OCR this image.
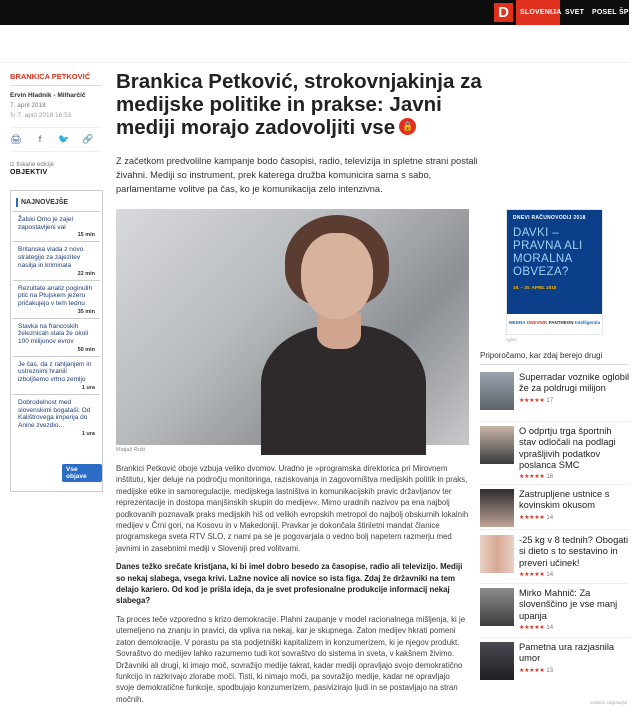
D	SLOVENIJA SVET POSEL ŠPO
BRANKICA PETKOVIĆ
Ervin Hladnik - Milharčič
7. april 2018
↻ 7. april 2018 16:53
🖨	f	🐦 🔗
Iz tiskane edicije
OBJEKTIV
NAJNOVEJŠE
Žalski Omo je zajel zapostavljeni val
15 min
Britanska vlada z novo strategijo za zajezitev nasilja in kriminala
22 min
Rezultate analiz poginulih ptic na Ptujskem jezeru pričakujejo v tem tednu
35 min
Stavka na francoskih železnicah stala že okoli 100 milijonov evrov
50 min
Je čas, da z rahljanjem in ustreznimi hranili izboljšemo vrtno zemljo
1 ura
Dobrodelnost med slovenskimi bogataši: Od Kalištrovega imperija do Anine zvezdio…
1 ura
Vse objave
Brankica Petković, strokovnjakinja za medijske politike in prakse: Javni mediji morajo zadovoljiti vse 🔒
Z začetkom predvolilne kampanje bodo časopisi, radio, televizija in spletne strani postali živahni. Mediji so instrument, prek katerega družba komunicira sama s sabo, parlamentarne volitve pa čas, ko je komunikacija zelo intenzivna.
Matjaž Rušt

Brankici Petković oboje vzbuja veliko dvomov. Uradno je »programska direktorica pri Mirovnem inštitutu, kjer deluje na področju monitoringa, raziskovanja in zagovorništva medijskih politik in praks, medijske etike in samoregulacije, medijskega lastništva in komunikacijskih pravic državljanov ter reprezentacije in dostopa manjšinskih skupin do medijev«. Mimo uradnih nazivov pa ena najbolj podkovanih poznavalk praks medijskih hiš od velikih evropskih metropol do najbolj obskurnih lokalnih medijev v Črni gori, na Kosovu in v Makedoniji. Pravkar je dokončala štiriletni mandat članice programskega sveta RTV SLO, z nami pa se je pogovarjala o vedno bolj napetem razmerju med javnimi in zasebnimi mediji v Sloveniji pred volitvami.

Danes težko srečate kristjana, ki bi imel dobro besedo za časopise, radio ali televizijo. Mediji so nekaj slabega, vsega krivi. Lažne novice ali novice so ista figa. Zdaj že državniki na tem delajo kariero. Od kod je prišla ideja, da je svet profesionalne produkcije informacij nekaj slabega?

Ta proces teče vzporedno s krizo demokracije. Plahni zaupanje v model racionalnega mišljenja, ki je utemeljeno na znanju in pravici, da vpliva na nekaj, kar je skupnega. Zaton medijev hkrati pomeni zaton demokracije. V porastu pa sta podjetniški kapitalizem in konzumerizem, ki je njegov produkt. Sovraštvo do medijev lahko razumemo tudi kot sovraštvo do sistema in sveta, v kakšnem živimo. Državniki ali drugi, ki imajo moč, sovražijo medije takrat, kadar mediji opravljajo svojo demokratično funkcijo in razkrivajo zlorabe moči. Tisti, ki nimajo moči, pa sovražijo medije, kadar ne opravljajo svoje demokratične funkcije, spodbujajo konzumerizem, pasivizirajo ljudi in se postavljajo na stran močnih.

DNEVI RAČUNOVODIJ 2018
DAVKI – PRAVNA ALI MORALNA OBVEZA?
19. – 20. APRIL 2018
MEDRA DNEVNIK PANTHEON Intelligentia
oglas
Priporočamo, kar zdaj berejo drugi
Superradar voznike oglobil že za poldrugi milijon
★★★★★ 17
O odprtju trga športnih stav odločali na podlagi vprašljivih podatkov poslanca SMC
★★★★★ 16
Zastrupljene ustnice s kovinskim okusom
★★★★★ 14
-25 kg v 8 tednih? Obogati si dieto s to sestavino in preveri učinek!
★★★★★ 14
Mirko Mahnič: Za slovenščino je vse manj upanja
★★★★★ 14
Pametna ura razjasnila umor
★★★★★ 13
vsebinu zagotavlja
